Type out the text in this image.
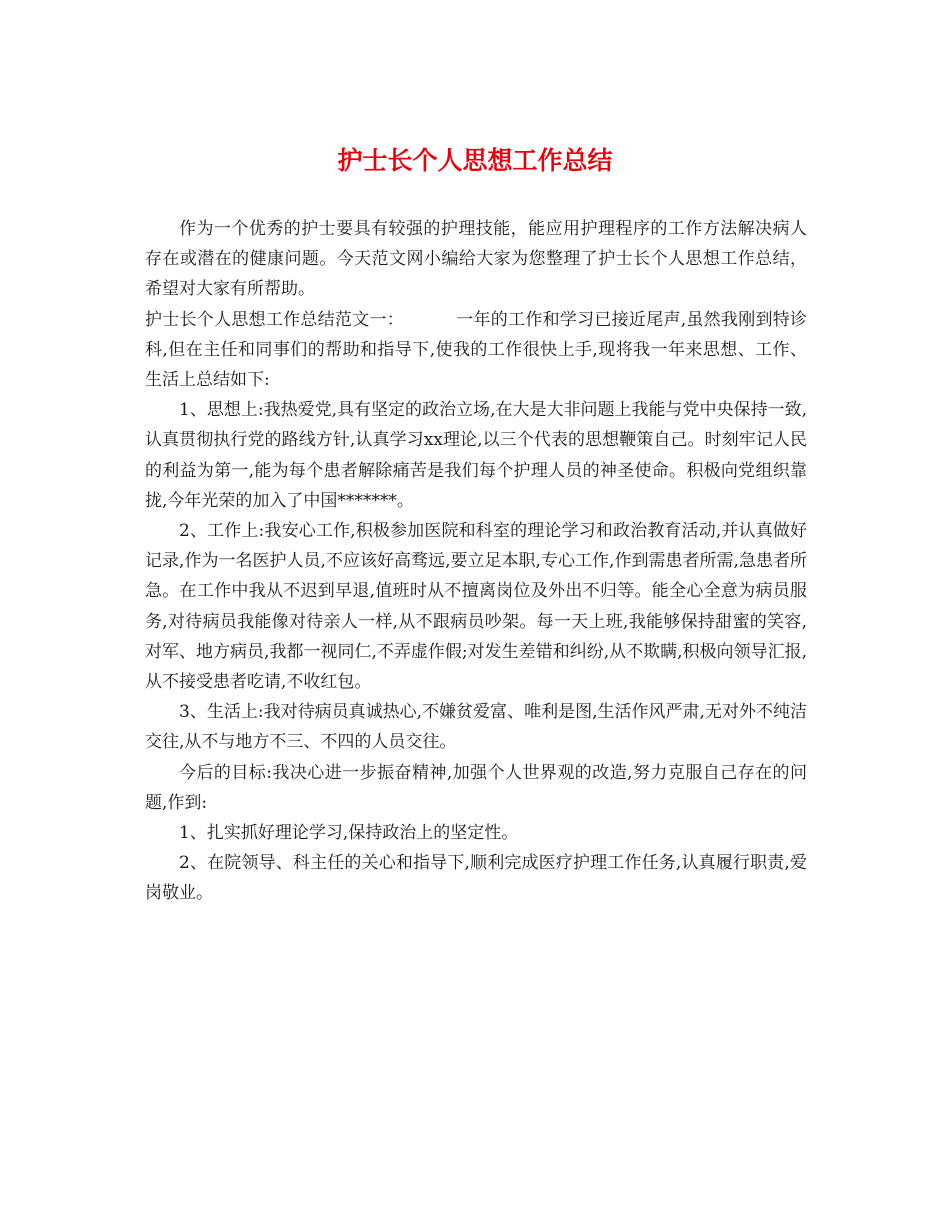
护士长个人思想工作总结

作为一个优秀的护士要具有较强的护理技能，能应用护理程序的工作方法解决病人存在或潜在的健康问题。今天范文网小编给大家为您整理了护士长个人思想工作总结，希望对大家有所帮助。

护士长个人思想工作总结范文一：	一年的工作和学习已接近尾声,虽然我刚到特诊科,但在主任和同事们的帮助和指导下,使我的工作很快上手,现将我一年来思想、工作、生活上总结如下:

1、思想上:我热爱党,具有坚定的政治立场,在大是大非问题上我能与党中央保持一致,认真贯彻执行党的路线方针,认真学习xx理论,以三个代表的思想鞭策自己。时刻牢记人民的利益为第一,能为每个患者解除痛苦是我们每个护理人员的神圣使命。积极向党组织靠拢,今年光荣的加入了中国*******。

2、工作上:我安心工作,积极参加医院和科室的理论学习和政治教育活动,并认真做好记录,作为一名医护人员,不应该好高骛远,要立足本职,专心工作,作到需患者所需,急患者所急。在工作中我从不迟到早退,值班时从不擅离岗位及外出不归等。能全心全意为病员服务,对待病员我能像对待亲人一样,从不跟病员吵架。每一天上班,我能够保持甜蜜的笑容,对军、地方病员,我都一视同仁,不弄虚作假;对发生差错和纠纷,从不欺瞒,积极向领导汇报,从不接受患者吃请,不收红包。

3、生活上:我对待病员真诚热心,不嫌贫爱富、唯利是图,生活作风严肃,无对外不纯洁交往,从不与地方不三、不四的人员交往。

今后的目标:我决心进一步振奋精神,加强个人世界观的改造,努力克服自己存在的问题,作到:

1、扎实抓好理论学习,保持政治上的坚定性。

2、在院领导、科主任的关心和指导下,顺利完成医疗护理工作任务,认真履行职责,爱岗敬业。
